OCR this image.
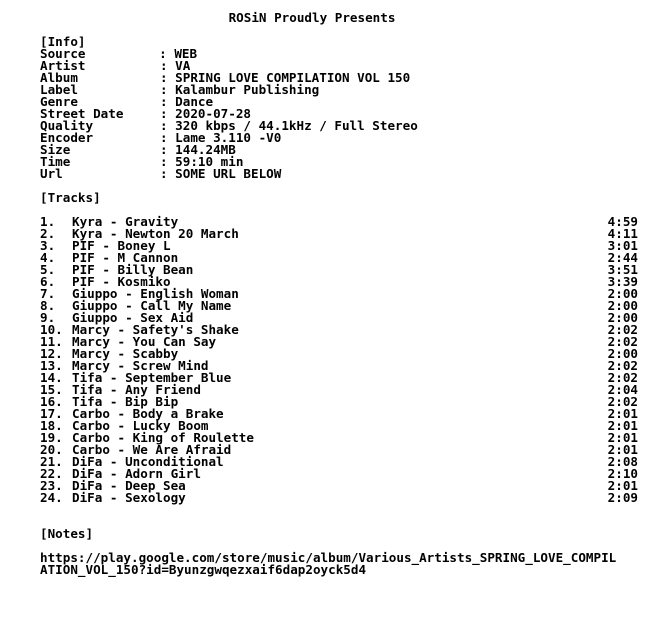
ROSiN Proudly Presents
[Info]
Source	: WEB
Artist	: VA
Album	: SPRING LOVE COMPILATION VOL 150
Label	: Kalambur Publishing
Genre	: Dance
Street Date	: 2020-07-28
Quality	: 320 kbps / 44.1kHz / Full Stereo
Encoder	: Lame 3.110 -V0
Size	: 144.24MB
Time	: 59:10 min
Url	: SOME URL BELOW
[Tracks]
1. Kyra - Gravity	4:59
2. Kyra - Newton 20 March	4:11
3. PIF - Boney L	3:01
4. PIF - M Cannon	2:44
5. PIF - Billy Bean	3:51
6. PIF - Kosmiko	3:39
7. Giuppo - English Woman	2:00
8. Giuppo - Call My Name	2:00
9. Giuppo - Sex Aid	2:00
10. Marcy - Safety's Shake	2:02
11. Marcy - You Can Say	2:02
12. Marcy - Scabby	2:00
13. Marcy - Screw Mind	2:02
14. Tifa - September Blue	2:02
15. Tifa - Any Friend	2:04
16. Tifa - Bip Bip	2:02
17. Carbo - Body a Brake	2:01
18. Carbo - Lucky Boom	2:01
19. Carbo - King of Roulette	2:01
20. Carbo - We Are Afraid	2:01
21. DiFa - Unconditional	2:08
22. DiFa - Adorn Girl	2:10
23. DiFa - Deep Sea	2:01
24. DiFa - Sexology	2:09
[Notes]
https://play.google.com/store/music/album/Various_Artists_SPRING_LOVE_COMPIL
ATION_VOL_150?id=Byunzgwqezxaif6dap2oyck5d4
